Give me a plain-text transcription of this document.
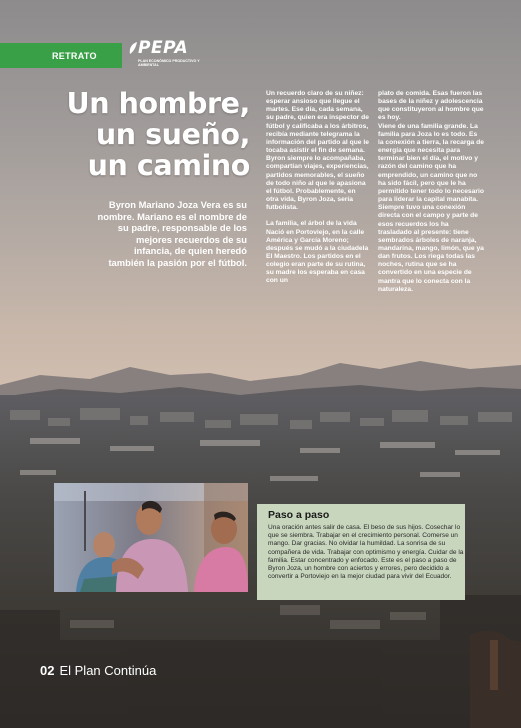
RETRATO PEPA
PLAN ECONÓMICO PRODUCTIVO Y AMBIENTAL
Un hombre,
un sueño,
un camino

Byron Mariano Joza Vera es su nombre. Mariano es el nombre de su padre, responsable de los mejores recuerdos de su infancia, de quien heredó también la pasión por el fútbol.

Un recuerdo claro de su niñez: esperar ansioso que llegue el martes. Ese día, cada semana, su padre, quien era inspector de fútbol y calificaba a los árbitros, recibía mediante telegrama la información del partido al que le tocaba asistir el fin de semana. Byron siempre lo acompañaba, compartían viajes, experiencias, partidos memorables, el sueño de todo niño al que le apasiona el fútbol. Probablemente, en otra vida, Byron Joza, sería futbolista.

La familia, el árbol de la vida

Nació en Portoviejo, en la calle América y García Moreno; después se mudó a la ciudadela El Maestro. Los partidos en el colegio eran parte de su rutina, su madre los esperaba en casa con un

plato de comida. Esas fueron las bases de la niñez y adolescencia que constituyeron al hombre que es hoy.

Viene de una familia grande. La familia para Joza lo es todo. Es la conexión a tierra, la recarga de energía que necesita para terminar bien el día, el motivo y razón del camino que ha emprendido, un camino que no ha sido fácil, pero que le ha permitido tener todo lo necesario para liderar la capital manabita.

Siempre tuvo una conexión directa con el campo y parte de esos recuerdos los ha trasladado al presente: tiene sembrados árboles de naranja, mandarina, mango, limón, que ya dan frutos. Los riega todas las noches, rutina que se ha convertido en una especie de mantra que lo conecta con la naturaleza.

Paso a paso

Una oración antes salir de casa. El beso de sus hijos. Cosechar lo que se siembra. Trabajar en el crecimiento personal. Comerse un mango. Dar gracias. No olvidar la humildad. La sonrisa de su compañera de vida. Trabajar con optimismo y energía. Cuidar de la familia. Estar concentrado y enfocado. Este es el paso a paso de Byron Joza, un hombre con aciertos y errores, pero decidido a convertir a Portoviejo en la mejor ciudad para vivir del Ecuador.

02 El Plan Continúa
